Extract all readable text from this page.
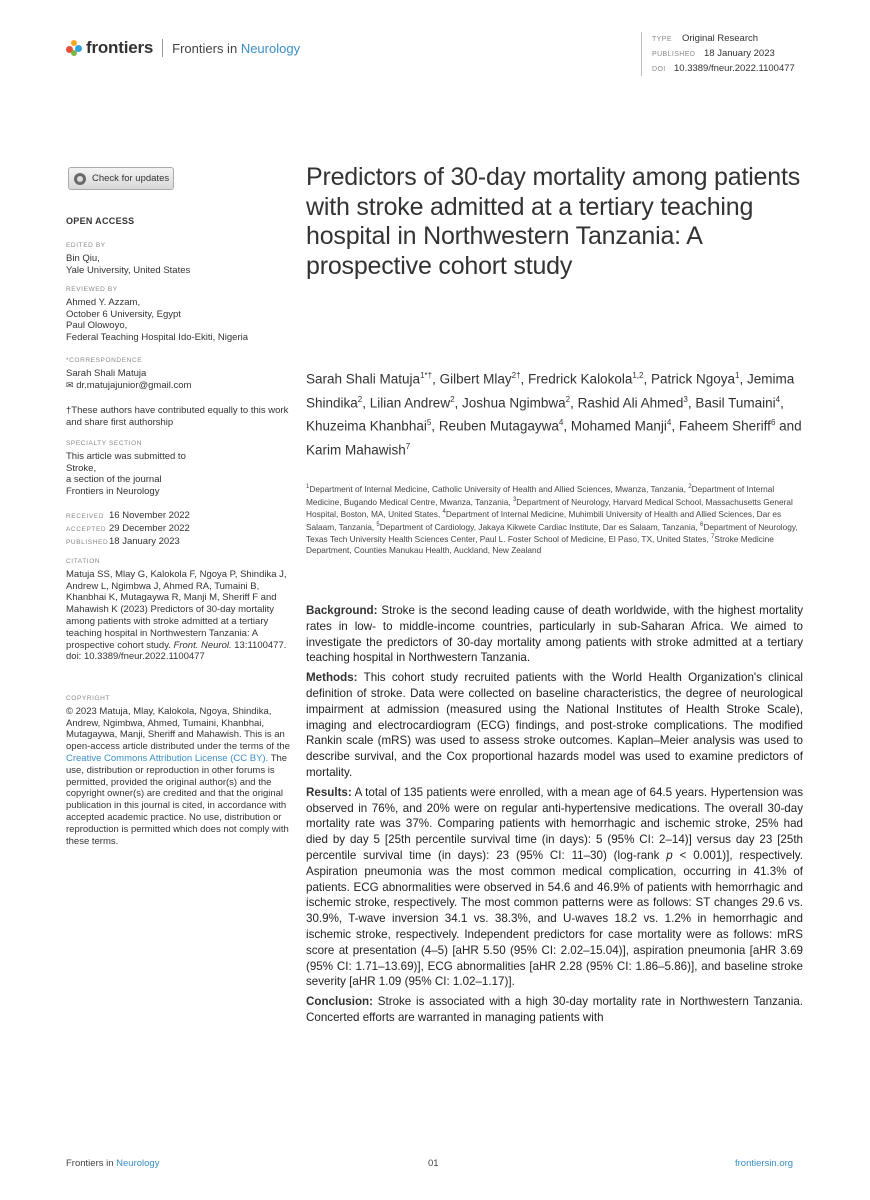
frontiers Frontiers in Neurology
TYPE	Original Research
PUBLISHED 18 January 2023
DOI 10.3389/fneur.2022.1100477
Check for updates
OPEN ACCESS
EDITED BY
Bin Qiu,
Yale University, United States
REVIEWED BY
Ahmed Y. Azzam,
October 6 University, Egypt
Paul Olowoyo,
Federal Teaching Hospital Ido-Ekiti, Nigeria
*CORRESPONDENCE
Sarah Shali Matuja
✉ dr.matujajunior@gmail.com
†These authors have contributed equally to this work and share first authorship
SPECIALTY SECTION
This article was submitted to
Stroke,
a section of the journal
Frontiers in Neurology
RECEIVED 16 November 2022
ACCEPTED 29 December 2022
PUBLISHED18 January 2023
CITATION
Matuja SS, Mlay G, Kalokola F, Ngoya P, Shindika J, Andrew L, Ngimbwa J, Ahmed RA, Tumaini B, Khanbhai K, Mutagaywa R, Manji M, Sheriff F and Mahawish K (2023) Predictors of 30-day mortality among patients with stroke admitted at a tertiary teaching hospital in Northwestern Tanzania: A prospective cohort study. Front. Neurol. 13:1100477.
doi: 10.3389/fneur.2022.1100477
COPYRIGHT
© 2023 Matuja, Mlay, Kalokola, Ngoya, Shindika, Andrew, Ngimbwa, Ahmed, Tumaini, Khanbhai, Mutagaywa, Manji, Sheriff and Mahawish. This is an open-access article distributed under the terms of the Creative Commons Attribution License (CC BY). The use, distribution or reproduction in other forums is permitted, provided the original author(s) and the copyright owner(s) are credited and that the original publication in this journal is cited, in accordance with accepted academic practice. No use, distribution or reproduction is permitted which does not comply with these terms.
Predictors of 30-day mortality among patients with stroke admitted at a tertiary teaching hospital in Northwestern Tanzania: A prospective cohort study
Sarah Shali Matuja$^{1*\dagger}$, Gilbert Mlay$^{2\dagger}$, Fredrick Kalokola$^{1,2}$, Patrick Ngoya$^1$, Jemima Shindika$^2$, Lilian Andrew$^2$, Joshua Ngimbwa$^2$, Rashid Ali Ahmed$^3$, Basil Tumaini$^4$, Khuzeima Khanbhai$^5$, Reuben Mutagaywa$^4$, Mohamed Manji$^4$, Faheem Sheriff$^6$ and Karim Mahawish$^7$
$^1$Department of Internal Medicine, Catholic University of Health and Allied Sciences, Mwanza, Tanzania, $^2$Department of Internal Medicine, Bugando Medical Centre, Mwanza, Tanzania, $^3$Department of Neurology, Harvard Medical School, Massachusetts General Hospital, Boston, MA, United States, $^4$Department of Internal Medicine, Muhimbili University of Health and Allied Sciences, Dar es Salaam, Tanzania, $^5$Department of Cardiology, Jakaya Kikwete Cardiac Institute, Dar es Salaam, Tanzania, $^6$Department of Neurology, Texas Tech University Health Sciences Center, Paul L. Foster School of Medicine, El Paso, TX, United States, $^7$Stroke Medicine Department, Counties Manukau Health, Auckland, New Zealand

Background: Stroke is the second leading cause of death worldwide, with the highest mortality rates in low- to middle-income countries, particularly in sub-Saharan Africa. We aimed to investigate the predictors of 30-day mortality among patients with stroke admitted at a tertiary teaching hospital in Northwestern Tanzania.

Methods: This cohort study recruited patients with the World Health Organization's clinical definition of stroke. Data were collected on baseline characteristics, the degree of neurological impairment at admission (measured using the National Institutes of Health Stroke Scale), imaging and electrocardiogram (ECG) findings, and post-stroke complications. The modified Rankin scale (mRS) was used to assess stroke outcomes. Kaplan–Meier analysis was used to describe survival, and the Cox proportional hazards model was used to examine predictors of mortality.

Results: A total of 135 patients were enrolled, with a mean age of 64.5 years. Hypertension was observed in 76%, and 20% were on regular anti-hypertensive medications. The overall 30-day mortality rate was 37%. Comparing patients with hemorrhagic and ischemic stroke, 25% had died by day 5 [25th percentile survival time (in days): 5 (95% CI: 2–14)] versus day 23 [25th percentile survival time (in days): 23 (95% CI: 11–30) (log-rank p < 0.001)], respectively. Aspiration pneumonia was the most common medical complication, occurring in 41.3% of patients. ECG abnormalities were observed in 54.6 and 46.9% of patients with hemorrhagic and ischemic stroke, respectively. The most common patterns were as follows: ST changes 29.6 vs. 30.9%, T-wave inversion 34.1 vs. 38.3%, and U-waves 18.2 vs. 1.2% in hemorrhagic and ischemic stroke, respectively. Independent predictors for case mortality were as follows: mRS score at presentation (4–5) [aHR 5.50 (95% CI: 2.02–15.04)], aspiration pneumonia [aHR 3.69 (95% CI: 1.71–13.69)], ECG abnormalities [aHR 2.28 (95% CI: 1.86–5.86)], and baseline stroke severity [aHR 1.09 (95% CI: 1.02–1.17)].

Conclusion: Stroke is associated with a high 30-day mortality rate in Northwestern Tanzania. Concerted efforts are warranted in managing patients with

Frontiers in Neurology	01	frontiersin.org
